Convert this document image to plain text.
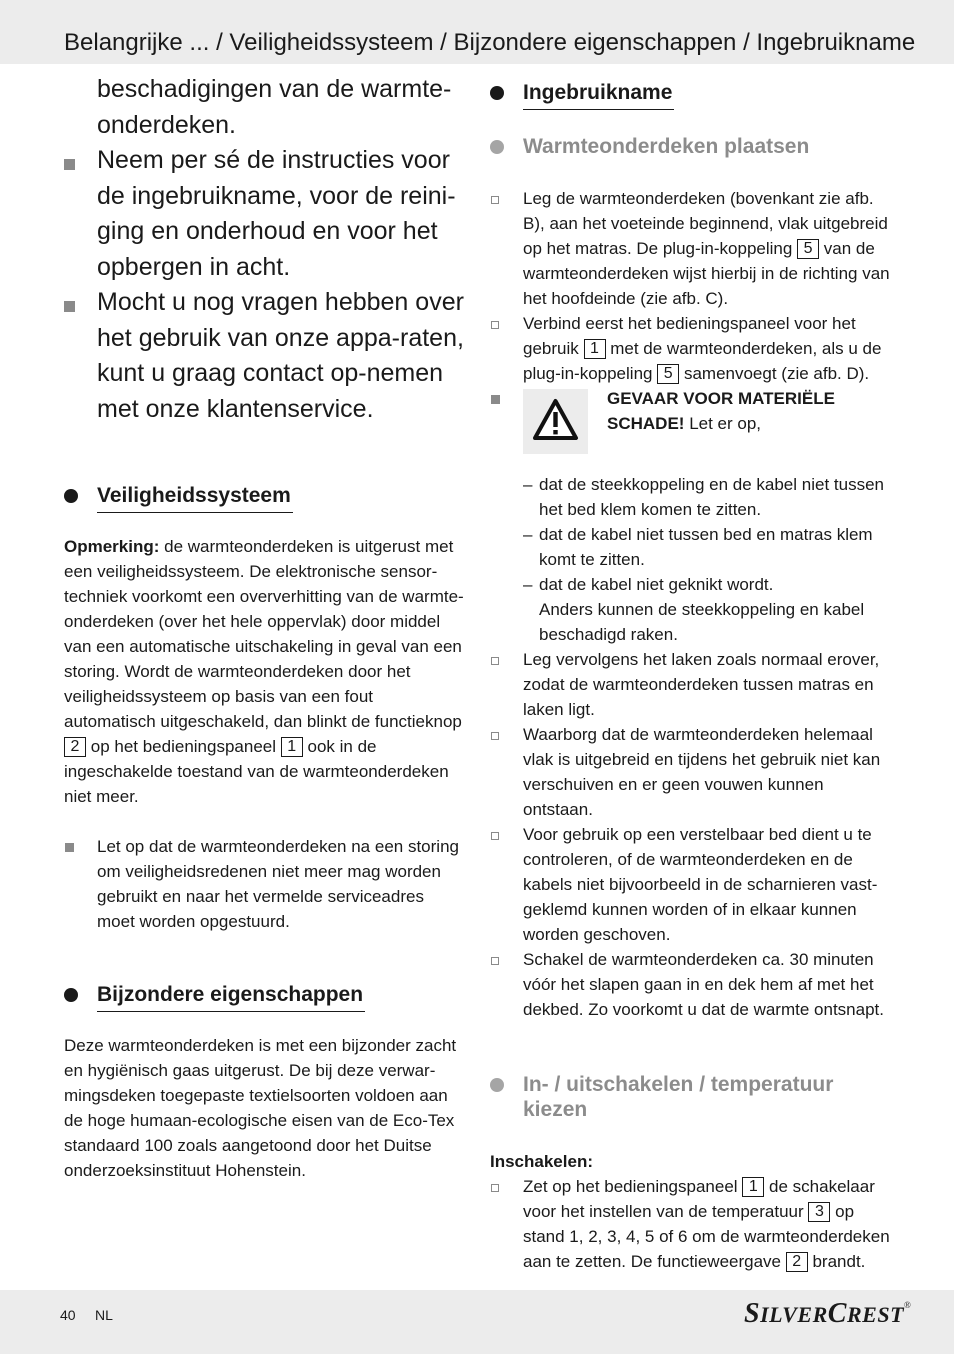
Belangrijke ... / Veiligheidssysteem / Bijzondere eigenschappen / Ingebruikname
beschadigingen van de warmte-onderdeken.
Neem per sé de instructies voor de ingebruikname, voor de reini-ging en onderhoud en voor het opbergen in acht.
Mocht u nog vragen hebben over het gebruik van onze appa-raten, kunt u graag contact op-nemen met onze klantenservice.
Veiligheidssysteem
Opmerking: de warmteonderdeken is uitgerust met een veiligheidssysteem. De elektronische sensor-techniek voorkomt een oververhitting van de warmte-onderdeken (over het hele oppervlak) door middel van een automatische uitschakeling in geval van een storing. Wordt de warmteonderdeken door het veiligheidssysteem op basis van een fout automatisch uitgeschakeld, dan blinkt de functieknop 2 op het bedieningspaneel 1 ook in de ingeschakelde toestand van de warmteonderdeken niet meer.
Let op dat de warmteonderdeken na een storing om veiligheidsredenen niet meer mag worden gebruikt en naar het vermelde serviceadres moet worden opgestuurd.
Bijzondere eigenschappen
Deze warmteonderdeken is met een bijzonder zacht en hygiënisch gaas uitgerust. De bij deze verwar-mingsdeken toegepaste textielsoorten voldoen aan de hoge humaan-ecologische eisen van de Eco-Tex standaard 100 zoals aangetoond door het Duitse onderzoeksinstituut Hohenstein.
Ingebruikname
Warmteonderdeken plaatsen
Leg de warmteonderdeken (bovenkant zie afb. B), aan het voeteinde beginnend, vlak uitgebreid op het matras. De plug-in-koppeling 5 van de warmteonderdeken wijst hierbij in de richting van het hoofdeinde (zie afb. C).
Verbind eerst het bedieningspaneel voor het gebruik 1 met de warmteonderdeken, als u de plug-in-koppeling 5 samenvoegt (zie afb. D).
GEVAAR VOOR MATERIËLE SCHADE! Let er op,
– dat de steekkoppeling en de kabel niet tussen het bed klem komen te zitten.
– dat de kabel niet tussen bed en matras klem komt te zitten.
– dat de kabel niet geknikt wordt.
Anders kunnen de steekkoppeling en kabel beschadigd raken.
Leg vervolgens het laken zoals normaal erover, zodat de warmteonderdeken tussen matras en laken ligt.
Waarborg dat de warmteonderdeken helemaal vlak is uitgebreid en tijdens het gebruik niet kan verschuiven en er geen vouwen kunnen ontstaan.
Voor gebruik op een verstelbaar bed dient u te controleren, of de warmteonderdeken en de kabels niet bijvoorbeeld in de scharnieren vast-geklemd kunnen worden of in elkaar kunnen worden geschoven.
Schakel de warmteonderdeken ca. 30 minuten vóór het slapen gaan in en dek hem af met het dekbed. Zo voorkomt u dat de warmte ontsnapt.
In- / uitschakelen / temperatuur kiezen
Inschakelen:
Zet op het bedieningspaneel 1 de schakelaar voor het instellen van de temperatuur 3 op stand 1, 2, 3, 4, 5 of 6 om de warmteonderdeken aan te zetten. De functieweergave 2 brandt.
40 NL	SILVERCREST®
